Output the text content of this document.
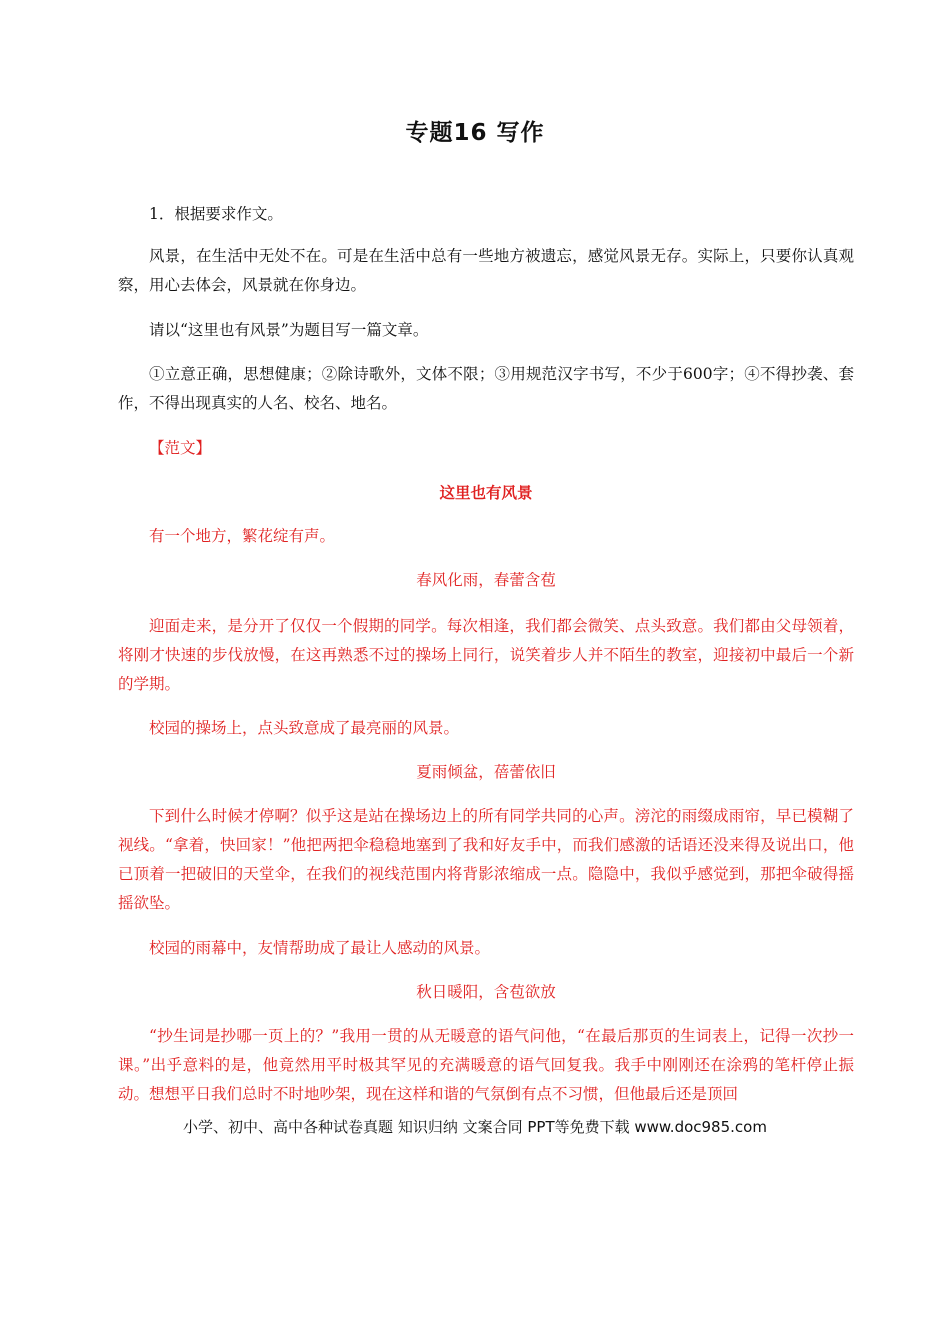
专题16 写作

1．根据要求作文。

风景，在生活中无处不在。可是在生活中总有一些地方被遗忘，感觉风景无存。实际上，只要你认真观察，用心去体会，风景就在你身边。

请以“这里也有风景”为题目写一篇文章。

①立意正确，思想健康；②除诗歌外，文体不限；③用规范汉字书写，不少于600字；④不得抄袭、套作，不得出现真实的人名、校名、地名。

【范文】

这里也有风景

有一个地方，繁花绽有声。

春风化雨，春蕾含苞

迎面走来，是分开了仅仅一个假期的同学。每次相逢，我们都会微笑、点头致意。我们都由父母领着，将刚才快速的步伐放慢，在这再熟悉不过的操场上同行，说笑着步人并不陌生的教室，迎接初中最后一个新的学期。

校园的操场上，点头致意成了最亮丽的风景。

夏雨倾盆，蓓蕾依旧

下到什么时候才停啊？似乎这是站在操场边上的所有同学共同的心声。滂沱的雨缀成雨帘，早已模糊了视线。“拿着，快回家！”他把两把伞稳稳地塞到了我和好友手中，而我们感激的话语还没来得及说出口，他已顶着一把破旧的天堂伞，在我们的视线范围内将背影浓缩成一点。隐隐中，我似乎感觉到，那把伞破得摇摇欲坠。

校园的雨幕中，友情帮助成了最让人感动的风景。

秋日暖阳，含苞欲放

“抄生词是抄哪一页上的？”我用一贯的从无暖意的语气问他，“在最后那页的生词表上，记得一次抄一课。”出乎意料的是，他竟然用平时极其罕见的充满暖意的语气回复我。我手中刚刚还在涂鸦的笔杆停止振动。想想平日我们总时不时地吵架，现在这样和谐的气氛倒有点不习惯，但他最后还是顶回

小学、初中、高中各种试卷真题 知识归纳 文案合同 PPT等免费下载 www.doc985.com
